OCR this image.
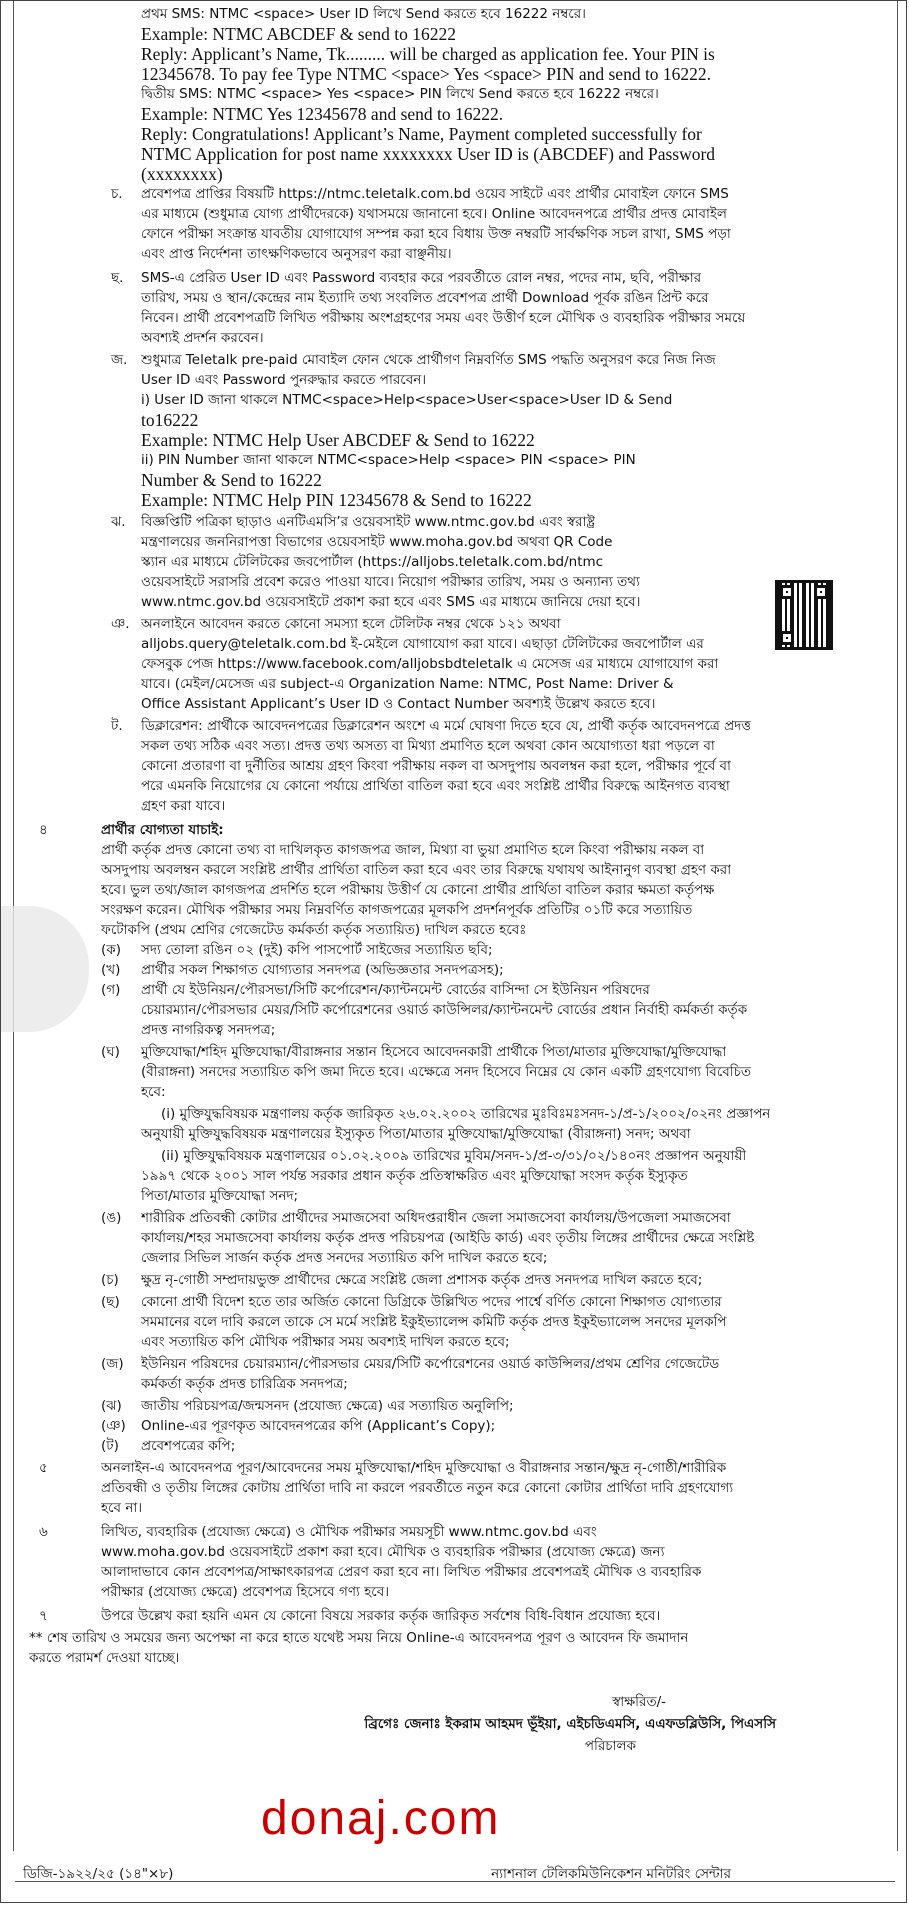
প্রথম SMS: NTMC <space> User ID লিখে Send করতে হবে 16222 নম্বরে।
Example: NTMC ABCDEF & send to 16222
Reply: Applicant’s Name, Tk......... will be charged as application fee. Your PIN is
12345678. To pay fee Type NTMC <space> Yes <space> PIN and send to 16222.
দ্বিতীয় SMS: NTMC <space> Yes <space> PIN লিখে Send করতে হবে 16222 নম্বরে।
Example: NTMC Yes 12345678 and send to 16222.
Reply: Congratulations! Applicant’s Name, Payment completed successfully for
NTMC Application for post name xxxxxxxx User ID is (ABCDEF) and Password
(xxxxxxxx)
চ. প্রবেশপত্র প্রাপ্তির বিষয়টি https://ntmc.teletalk.com.bd ওয়েব সাইটে এবং প্রার্থীর মোবাইল ফোনে SMS
এর মাধ্যমে (শুধুমাত্র যোগ্য প্রার্থীদেরকে) যথাসময়ে জানানো হবে। Online আবেদনপত্রে প্রার্থীর প্রদত্ত মোবাইল
ফোনে পরীক্ষা সংক্রান্ত যাবতীয় যোগাযোগ সম্পন্ন করা হবে বিধায় উক্ত নম্বরটি সার্বক্ষণিক সচল রাখা, SMS পড়া
এবং প্রাপ্ত নির্দেশনা তাৎক্ষণিকভাবে অনুসরণ করা বাঞ্ছনীয়।
ছ. SMS-এ প্রেরিত User ID এবং Password ব্যবহার করে পরবর্তীতে রোল নম্বর, পদের নাম, ছবি, পরীক্ষার
তারিখ, সময় ও স্থান/কেন্দ্রের নাম ইত্যাদি তথ্য সংবলিত প্রবেশপত্র প্রার্থী Download পূর্বক রঙিন প্রিন্ট করে
নিবেন। প্রার্থী প্রবেশপত্রটি লিখিত পরীক্ষায় অংশগ্রহণের সময় এবং উত্তীর্ণ হলে মৌখিক ও ব্যবহারিক পরীক্ষার সময়ে
অবশ্যই প্রদর্শন করবেন।
জ. শুধুমাত্র Teletalk pre-paid মোবাইল ফোন থেকে প্রার্থীগণ নিম্নবর্ণিত SMS পদ্ধতি অনুসরণ করে নিজ নিজ
User ID এবং Password পুনরুদ্ধার করতে পারবেন।
i) User ID জানা থাকলে NTMC<space>Help<space>User<space>User ID & Send
to16222
Example: NTMC Help User ABCDEF & Send to 16222
ii) PIN Number জানা থাকলে NTMC<space>Help <space> PIN <space> PIN
Number & Send to 16222
Example: NTMC Help PIN 12345678 & Send to 16222
ঝ. বিজ্ঞপ্তিটি পত্রিকা ছাড়াও এনটিএমসি’র ওয়েবসাইট www.ntmc.gov.bd এবং স্বরাষ্ট্র
মন্ত্রণালয়ের জননিরাপত্তা বিভাগের ওয়েবসাইট www.moha.gov.bd অথবা QR Code
স্ক্যান এর মাধ্যমে টেলিটকের জবপোর্টাল (https://alljobs.teletalk.com.bd/ntmc
ওয়েবসাইটে সরাসরি প্রবেশ করেও পাওয়া যাবে। নিয়োগ পরীক্ষার তারিখ, সময় ও অন্যান্য তথ্য
www.ntmc.gov.bd ওয়েবসাইটে প্রকাশ করা হবে এবং SMS এর মাধ্যমে জানিয়ে দেয়া হবে।
ঞ. অনলাইনে আবেদন করতে কোনো সমস্যা হলে টেলিটক নম্বর থেকে ১২১ অথবা
alljobs.query@teletalk.com.bd ই-মেইলে যোগাযোগ করা যাবে। এছাড়া টেলিটকের জবপোর্টাল এর
ফেসবুক পেজ https://www.facebook.com/alljobsbdteletalk এ মেসেজ এর মাধ্যমে যোগাযোগ করা
যাবে। (মেইল/মেসেজ এর subject-এ Organization Name: NTMC, Post Name: Driver &
Office Assistant Applicant’s User ID ও Contact Number অবশ্যই উল্লেখ করতে হবে।
ট. ডিক্লারেশন: প্রার্থীকে আবেদনপত্রের ডিক্লারেশন অংশে এ মর্মে ঘোষণা দিতে হবে যে, প্রার্থী কর্তৃক আবেদনপত্রে প্রদত্ত
সকল তথ্য সঠিক এবং সত্য। প্রদত্ত তথ্য অসত্য বা মিথ্যা প্রমাণিত হলে অথবা কোন অযোগ্যতা ধরা পড়লে বা
কোনো প্রতারণা বা দুর্নীতির আশ্রয় গ্রহণ কিংবা পরীক্ষায় নকল বা অসদুপায় অবলম্বন করা হলে, পরীক্ষার পূর্বে বা
পরে এমনকি নিয়োগের যে কোনো পর্যায়ে প্রার্থিতা বাতিল করা হবে এবং সংশ্লিষ্ট প্রার্থীর বিরুদ্ধে আইনগত ব্যবস্থা
গ্রহণ করা যাবে।
৪	প্রার্থীর যোগ্যতা যাচাই:
প্রার্থী কর্তৃক প্রদত্ত কোনো তথ্য বা দাখিলকৃত কাগজপত্র জাল, মিথ্যা বা ভুয়া প্রমাণিত হলে কিংবা পরীক্ষায় নকল বা
অসদুপায় অবলম্বন করলে সংশ্লিষ্ট প্রার্থীর প্রার্থিতা বাতিল করা হবে এবং তার বিরুদ্ধে যথাযথ আইনানুগ ব্যবস্থা গ্রহণ করা
হবে। ভুল তথ্য/জাল কাগজপত্র প্রদর্শিত হলে পরীক্ষায় উত্তীর্ণ যে কোনো প্রার্থীর প্রার্থিতা বাতিল করার ক্ষমতা কর্তৃপক্ষ
সংরক্ষণ করেন। মৌখিক পরীক্ষার সময় নিম্নবর্ণিত কাগজপত্রের মূলকপি প্রদর্শনপূর্বক প্রতিটির ০১টি করে সত্যায়িত
ফটোকপি (প্রথম শ্রেণির গেজেটেড কর্মকর্তা কর্তৃক সত্যায়িত) দাখিল করতে হবেঃ
(ক) সদ্য তোলা রঙিন ০২ (দুই) কপি পাসপোর্ট সাইজের সত্যায়িত ছবি;
(খ) প্রার্থীর সকল শিক্ষাগত যোগ্যতার সনদপত্র (অভিজ্ঞতার সনদপত্রসহ);
(গ) প্রার্থী যে ইউনিয়ন/পৌরসভা/সিটি কর্পোরেশন/ক্যান্টনমেন্ট বোর্ডের বাসিন্দা সে ইউনিয়ন পরিষদের
চেয়ারম্যান/পৌরসভার মেয়র/সিটি কর্পোরেশনের ওয়ার্ড কাউন্সিলর/ক্যান্টনমেন্ট বোর্ডের প্রধান নির্বাহী কর্মকর্তা কর্তৃক
প্রদত্ত নাগরিকত্ব সনদপত্র;
(ঘ) মুক্তিযোদ্ধা/শহিদ মুক্তিযোদ্ধা/বীরাঙ্গনার সন্তান হিসেবে আবেদনকারী প্রার্থীকে পিতা/মাতার মুক্তিযোদ্ধা/মুক্তিযোদ্ধা
(বীরাঙ্গনা) সনদের সত্যায়িত কপি জমা দিতে হবে। এক্ষেত্রে সনদ হিসেবে নিম্নের যে কোন একটি গ্রহণযোগ্য বিবেচিত
হবে:
(i) মুক্তিযুদ্ধবিষয়ক মন্ত্রণালয় কর্তৃক জারিকৃত ২৬.০২.২০০২ তারিখের মুঃবিঃমঃসনদ-১/প্র-১/২০০২/০২নং প্রজ্ঞাপন
অনুযায়ী মুক্তিযুদ্ধবিষয়ক মন্ত্রণালয়ের ইস্যুকৃত পিতা/মাতার মুক্তিযোদ্ধা/মুক্তিযোদ্ধা (বীরাঙ্গনা) সনদ; অথবা
(ii) মুক্তিযুদ্ধবিষয়ক মন্ত্রণালয়ের ০১.০২.২০০৯ তারিখের মুবিম/সনদ-১/প্র-৩/৩১/০২/১৪০নং প্রজ্ঞাপন অনুযায়ী
১৯৯৭ থেকে ২০০১ সাল পর্যন্ত সরকার প্রধান কর্তৃক প্রতিস্বাক্ষরিত এবং মুক্তিযোদ্ধা সংসদ কর্তৃক ইস্যুকৃত
পিতা/মাতার মুক্তিযোদ্ধা সনদ;
(ঙ) শারীরিক প্রতিবন্ধী কোটার প্রার্থীদের সমাজসেবা অধিদপ্তরাধীন জেলা সমাজসেবা কার্যালয়/উপজেলা সমাজসেবা
কার্যালয়/শহর সমাজসেবা কার্যালয় কর্তৃক প্রদত্ত পরিচয়পত্র (আইডি কার্ড) এবং তৃতীয় লিঙ্গের প্রার্থীদের ক্ষেত্রে সংশ্লিষ্ট
জেলার সিভিল সার্জন কর্তৃক প্রদত্ত সনদের সত্যায়িত কপি দাখিল করতে হবে;
(চ) ক্ষুদ্র নৃ-গোষ্ঠী সম্প্রদায়ভুক্ত প্রার্থীদের ক্ষেত্রে সংশ্লিষ্ট জেলা প্রশাসক কর্তৃক প্রদত্ত সনদপত্র দাখিল করতে হবে;
(ছ) কোনো প্রার্থী বিদেশ হতে তার অর্জিত কোনো ডিগ্রিকে উল্লিখিত পদের পার্শ্বে বর্ণিত কোনো শিক্ষাগত যোগ্যতার
সমমানের বলে দাবি করলে তাকে সে মর্মে সংশ্লিষ্ট ইকুইভ্যালেন্স কমিটি কর্তৃক প্রদত্ত ইকুইভ্যালেন্স সনদের মূলকপি
এবং সত্যায়িত কপি মৌখিক পরীক্ষার সময় অবশ্যই দাখিল করতে হবে;
(জ) ইউনিয়ন পরিষদের চেয়ারম্যান/পৌরসভার মেয়র/সিটি কর্পোরেশনের ওয়ার্ড কাউন্সিলর/প্রথম শ্রেণির গেজেটেড
কর্মকর্তা কর্তৃক প্রদত্ত চারিত্রিক সনদপত্র;
(ঝ) জাতীয় পরিচয়পত্র/জন্মসনদ (প্রযোজ্য ক্ষেত্রে) এর সত্যায়িত অনুলিপি;
(ঞ) Online-এর পূরণকৃত আবেদনপত্রের কপি (Applicant’s Copy);
(ট) প্রবেশপত্রের কপি;
৫	অনলাইন-এ আবেদনপত্র পূরণ/আবেদনের সময় মুক্তিযোদ্ধা/শহিদ মুক্তিযোদ্ধা ও বীরাঙ্গনার সন্তান/ক্ষুদ্র নৃ-গোষ্ঠী/শারীরিক
প্রতিবন্ধী ও তৃতীয় লিঙ্গের কোটায় প্রার্থিতা দাবি না করলে পরবর্তীতে নতুন করে কোনো কোটার প্রার্থিতা দাবি গ্রহণযোগ্য
হবে না।
৬	লিখিত, ব্যবহারিক (প্রযোজ্য ক্ষেত্রে) ও মৌখিক পরীক্ষার সময়সূচী www.ntmc.gov.bd এবং
www.moha.gov.bd ওয়েবসাইটে প্রকাশ করা হবে। মৌখিক ও ব্যবহারিক পরীক্ষার (প্রযোজ্য ক্ষেত্রে) জন্য
আলাদাভাবে কোন প্রবেশপত্র/সাক্ষাৎকারপত্র প্রেরণ করা হবে না। লিখিত পরীক্ষার প্রবেশপত্রই মৌখিক ও ব্যবহারিক
পরীক্ষার (প্রযোজ্য ক্ষেত্রে) প্রবেশপত্র হিসেবে গণ্য হবে।
৭	উপরে উল্লেখ করা হয়নি এমন যে কোনো বিষয়ে সরকার কর্তৃক জারিকৃত সর্বশেষ বিধি-বিধান প্রযোজ্য হবে।
** শেষ তারিখ ও সময়ের জন্য অপেক্ষা না করে হাতে যথেষ্ট সময় নিয়ে Online-এ আবেদনপত্র পূরণ ও আবেদন ফি জমাদান
করতে পরামর্শ দেওয়া যাচ্ছে।
donaj.com
স্বাক্ষরিত/-
ব্রিগেঃ জেনাঃ ইকরাম আহমদ ভূঁইয়া, এইচডিএমসি, এএফডব্লিউসি, পিএসসি
পরিচালক
ডিজি-১৯২২/২৫ (১৪"×৮)	ন্যাশনাল টেলিকমিউনিকেশন মনিটরিং সেন্টার
